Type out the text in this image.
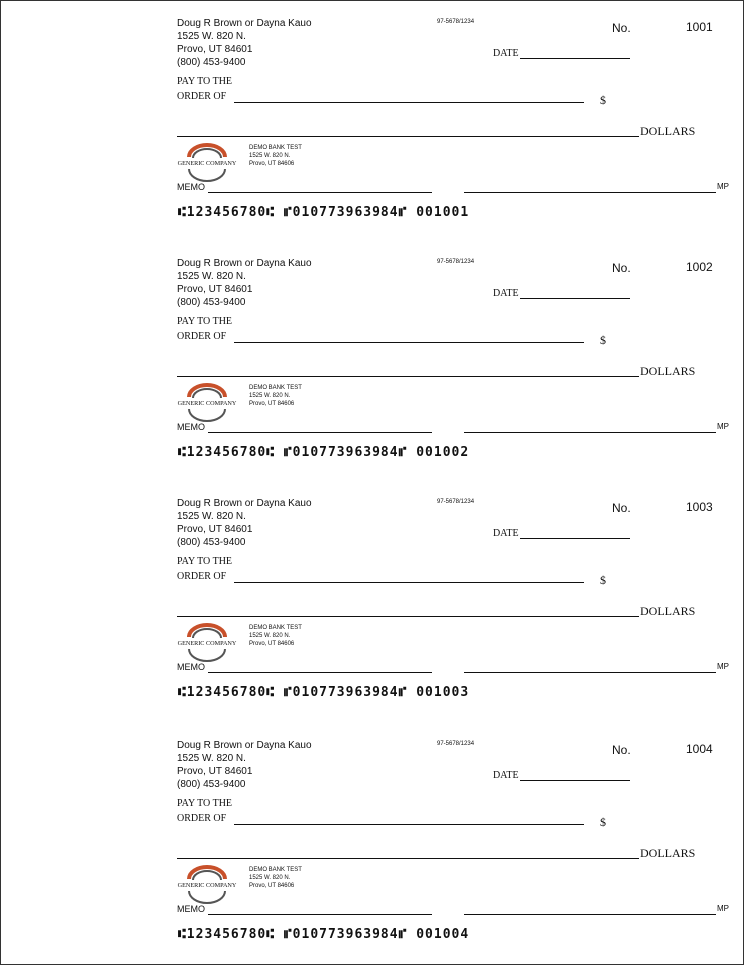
Doug R Brown or Dayna Kauo
1525 W. 820 N.
Provo, UT 84601
(800) 453-9400
97-5678/1234	No.	1001
DATE
PAY TO THE
ORDER OF	$
DOLLARS
GENERIC COMPANY
DEMO BANK TEST
1525 W. 820 N.
Provo, UT 84606
MEMO	MP
⑆123456780⑆ ⑈010773963984⑈ 001001
Doug R Brown or Dayna Kauo
1525 W. 820 N.
Provo, UT 84601
(800) 453-9400
97-5678/1234	No.	1002
DATE
PAY TO THE
ORDER OF	$
DOLLARS
GENERIC COMPANY
DEMO BANK TEST
1525 W. 820 N.
Provo, UT 84606
MEMO	MP
⑆123456780⑆ ⑈010773963984⑈ 001002
Doug R Brown or Dayna Kauo
1525 W. 820 N.
Provo, UT 84601
(800) 453-9400
97-5678/1234	No.	1003
DATE
PAY TO THE
ORDER OF	$
DOLLARS
GENERIC COMPANY
DEMO BANK TEST
1525 W. 820 N.
Provo, UT 84606
MEMO	MP
⑆123456780⑆ ⑈010773963984⑈ 001003
Doug R Brown or Dayna Kauo
1525 W. 820 N.
Provo, UT 84601
(800) 453-9400
97-5678/1234	No.	1004
DATE
PAY TO THE
ORDER OF	$
DOLLARS
GENERIC COMPANY
DEMO BANK TEST
1525 W. 820 N.
Provo, UT 84606
MEMO	MP
⑆123456780⑆ ⑈010773963984⑈ 001004
